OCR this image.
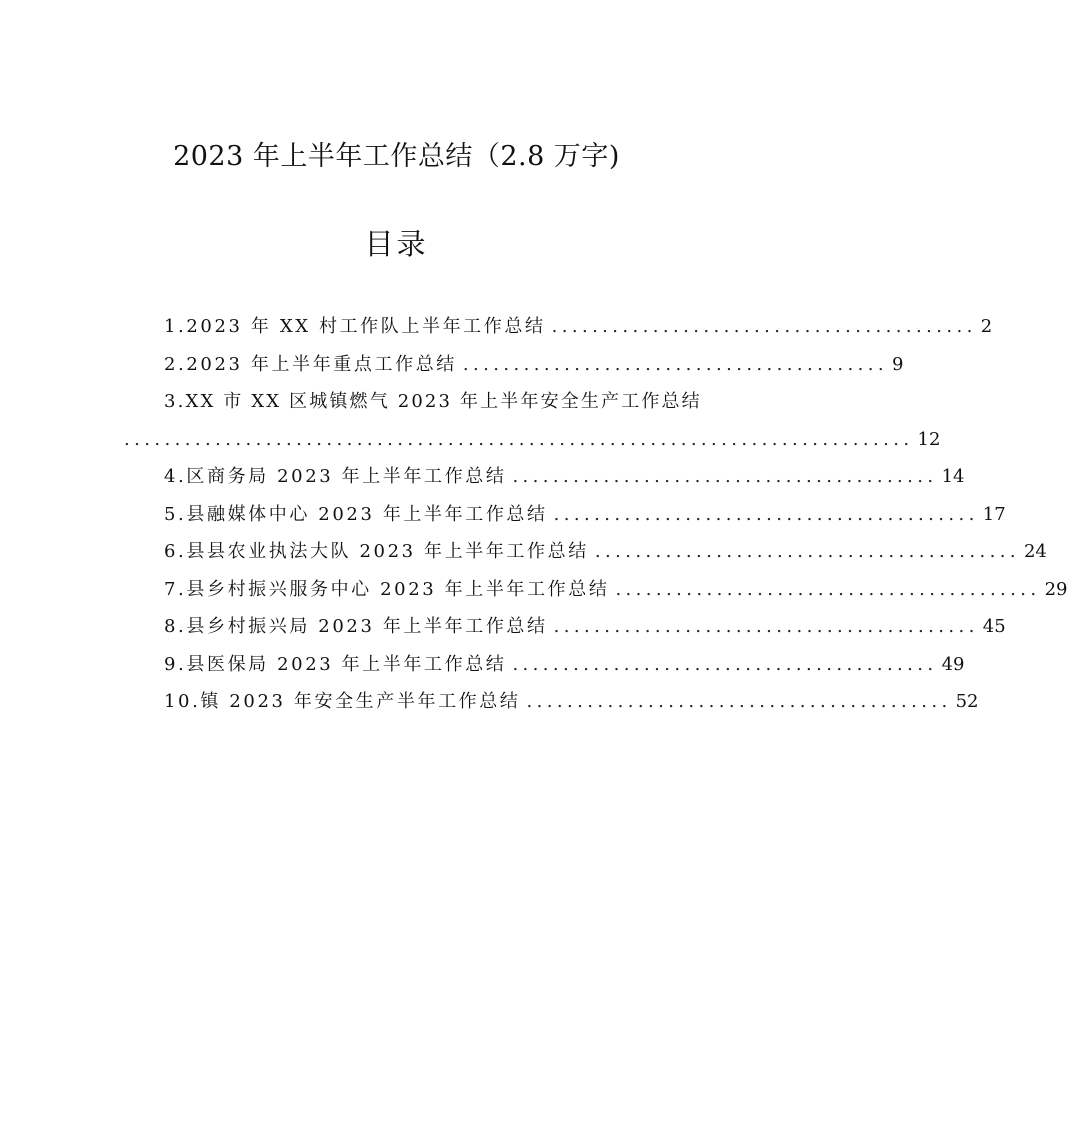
2023 年上半年工作总结（2.8 万字)
目录
1.2023 年 XX 村工作队上半年工作总结 .......................................... 2
2.2023 年上半年重点工作总结 .......................................... 9
3.XX 市 XX 区城镇燃气 2023 年上半年安全生产工作总结
.............................................................................. 12
4.区商务局 2023 年上半年工作总结 .......................................... 14
5.县融媒体中心 2023 年上半年工作总结 .......................................... 17
6.县县农业执法大队 2023 年上半年工作总结 .......................................... 24
7.县乡村振兴服务中心 2023 年上半年工作总结 .......................................... 29
8.县乡村振兴局 2023 年上半年工作总结 .......................................... 45
9.县医保局 2023 年上半年工作总结 .......................................... 49
10.镇 2023 年安全生产半年工作总结 .......................................... 52
